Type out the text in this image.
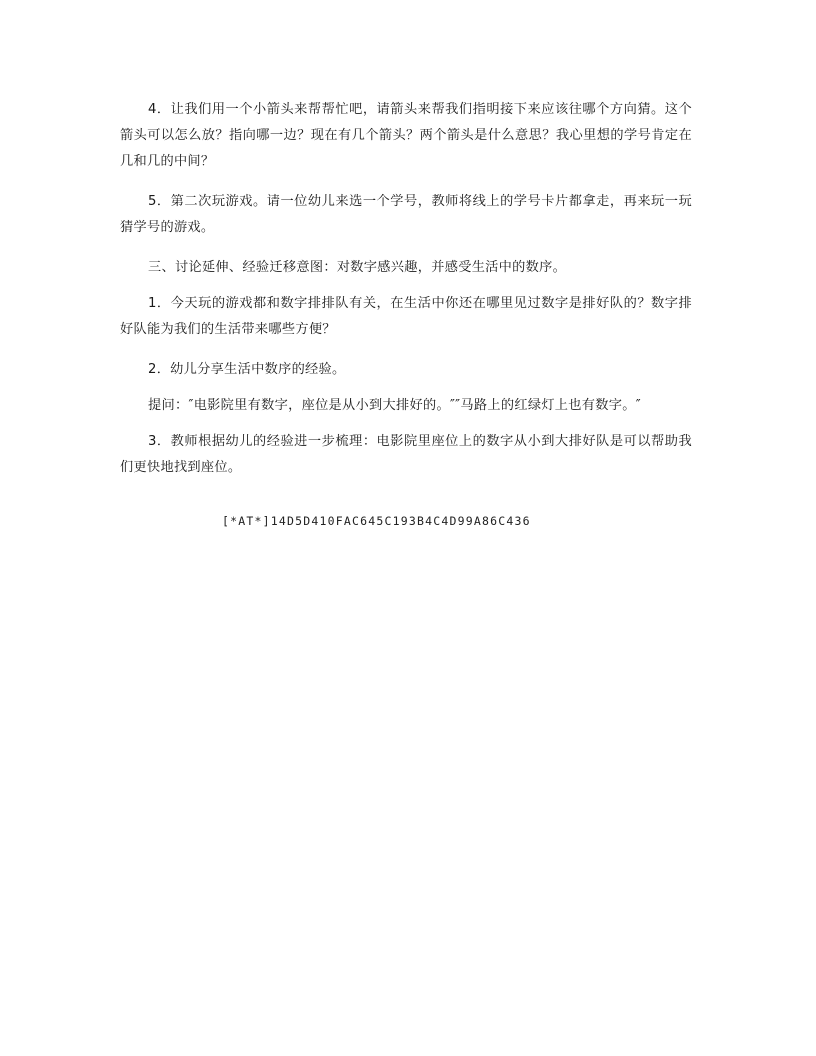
4．让我们用一个小箭头来帮帮忙吧，请箭头来帮我们指明接下来应该往哪个方向猜。这个箭头可以怎么放？指向哪一边？现在有几个箭头？两个箭头是什么意思？我心里想的学号肯定在几和几的中间？

5．第二次玩游戏。请一位幼儿来选一个学号，教师将线上的学号卡片都拿走，再来玩一玩猜学号的游戏。

三、讨论延伸、经验迁移意图：对数字感兴趣，并感受生活中的数序。

1．今天玩的游戏都和数字排排队有关，在生活中你还在哪里见过数字是排好队的？数字排好队能为我们的生活带来哪些方便？

2．幼儿分享生活中数序的经验。

提问：″电影院里有数字，座位是从小到大排好的。″″马路上的红绿灯上也有数字。″

3．教师根据幼儿的经验进一步梳理：电影院里座位上的数字从小到大排好队是可以帮助我们更快地找到座位。

[*AT*]14D5D410FAC645C193B4C4D99A86C436
